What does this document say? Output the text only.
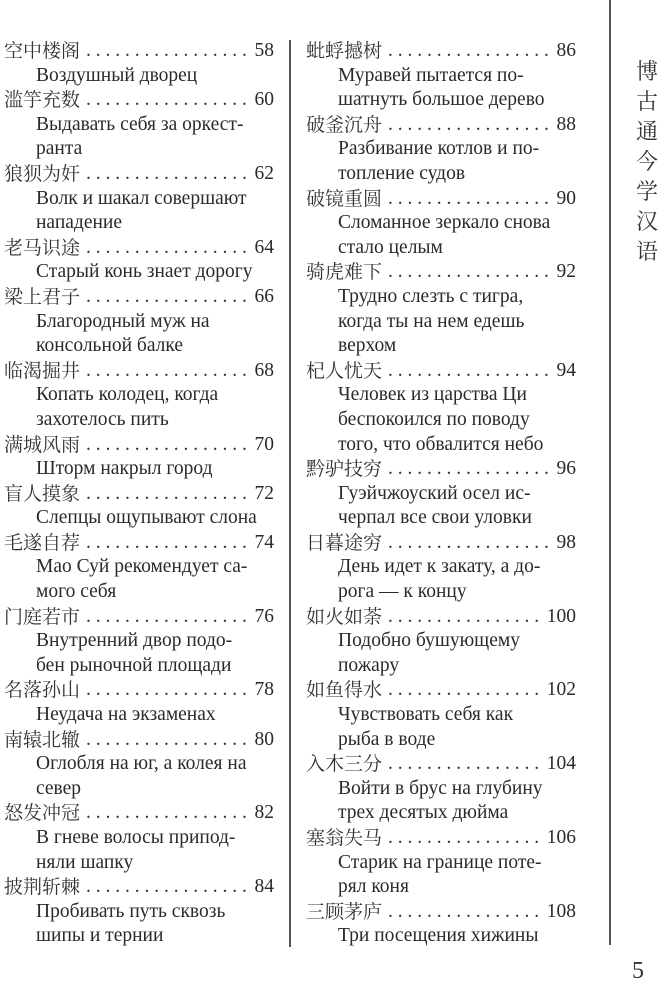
空中楼阁 . . .	58
Воздушный дворец
滥竽充数 . . .	60
Выдавать себя за оркест-
ранта
狼狈为奸 . . .	62
Волк и шакал совершают
нападение
老马识途 . . .	64
Старый конь знает дорогу
梁上君子 . . .	66
Благородный муж на
консольной балке
临渴掘井 . . .	68
Копать колодец, когда
захотелось пить
满城风雨 . . .	70
Шторм накрыл город
盲人摸象 . . .	72
Слепцы ощупывают слона
毛遂自荐 . . .	74
Мао Суй рекомендует са-
мого себя
门庭若市 . . .	76
Внутренний двор подо-
бен рыночной площади
名落孙山 . . .	78
Неудача на экзаменах
南辕北辙 . . .	80
Оглобля на юг, а колея на
север
怒发冲冠 . . .	82
В гневе волосы припод-
няли шапку
披荆斩棘 . . .	84
Пробивать путь сквозь
шипы и тернии
蚍蜉撼树 . . .	86
Муравей пытается по-
шатнуть большое дерево
破釜沉舟 . . .	88
Разбивание котлов и по-
топление судов
破镜重圆 . . .	90
Сломанное зеркало снова
стало целым
骑虎难下 . . .	92
Трудно слезть с тигра,
когда ты на нем едешь
верхом
杞人忧天 . . .	94
Человек из царства Ци
беспокоился по поводу
того, что обвалится небо
黔驴技穷 . . .	96
Гуэйчжоуский осел ис-
черпал все свои уловки
日暮途穷 . . .	98
День идет к закату, а до-
рога — к концу
如火如荼 . . .	100
Подобно бушующему
пожару
如鱼得水 . . .	102
Чувствовать себя как
рыба в воде
入木三分 . . .	104
Войти в брус на глубину
трех десятых дюйма
塞翁失马 . . .	106
Старик на границе поте-
рял коня
三顾茅庐 . . .	108
Три посещения хижины
博古通今学汉语
5
